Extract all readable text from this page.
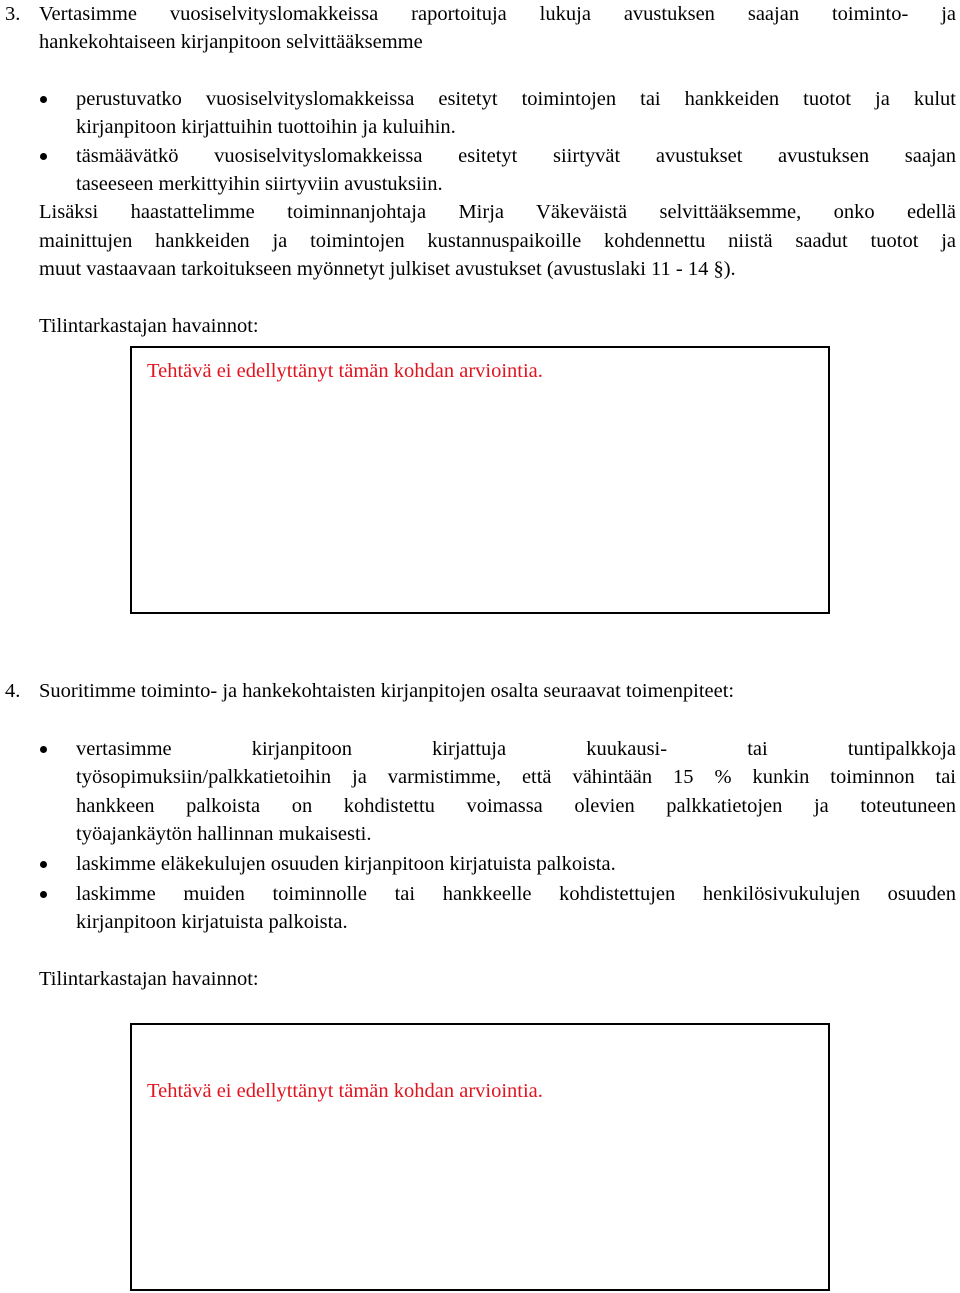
3. Vertasimme vuosiselvityslomakkeissa raportoituja lukuja avustuksen saajan toiminto- ja
hankekohtaiseen kirjanpitoon selvittääksemme
perustuvatko vuosiselvityslomakkeissa esitetyt toimintojen tai hankkeiden tuotot ja kulut
kirjanpitoon kirjattuihin tuottoihin ja kuluihin.
täsmäävätkö vuosiselvityslomakkeissa esitetyt siirtyvät avustukset avustuksen saajan
taseeseen merkittyihin siirtyviin avustuksiin.
Lisäksi haastattelimme toiminnanjohtaja Mirja Väkeväistä selvittääksemme, onko edellä
mainittujen hankkeiden ja toimintojen kustannuspaikoille kohdennettu niistä saadut tuotot ja
muut vastaavaan tarkoitukseen myönnetyt julkiset avustukset (avustuslaki 11 - 14 §).
Tilintarkastajan havainnot:
Tehtävä ei edellyttänyt tämän kohdan arviointia.
4. Suoritimme toiminto- ja hankekohtaisten kirjanpitojen osalta seuraavat toimenpiteet:
vertasimme kirjanpitoon kirjattuja kuukausi- tai tuntipalkkoja
työsopimuksiin/palkkatietoihin ja varmistimme, että vähintään 15 % kunkin toiminnon tai
hankkeen palkoista on kohdistettu voimassa olevien palkkatietojen ja toteutuneen
työajankäytön hallinnan mukaisesti.
laskimme eläkekulujen osuuden kirjanpitoon kirjatuista palkoista.
laskimme muiden toiminnolle tai hankkeelle kohdistettujen henkilösivukulujen osuuden
kirjanpitoon kirjatuista palkoista.
Tilintarkastajan havainnot:
Tehtävä ei edellyttänyt tämän kohdan arviointia.
